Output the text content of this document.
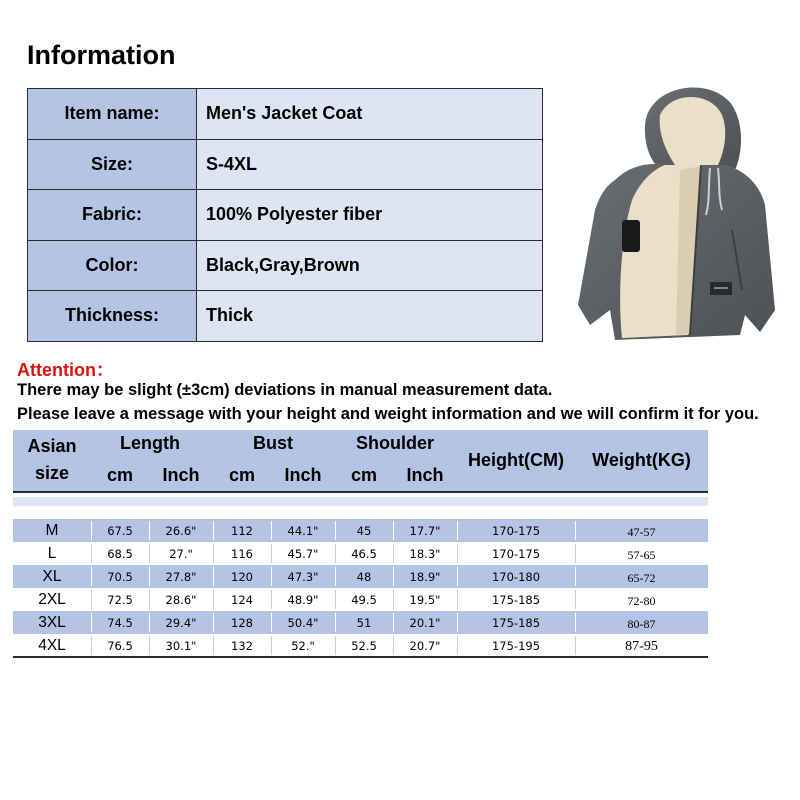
Information
Item name:	Men's Jacket Coat
Size:	S-4XL
Fabric:	100% Polyester fiber
Color:	Black,Gray,Brown
Thickness:	Thick
Attention：
There may be slight (±3cm) deviations in manual measurement data.
Please leave a message with your height and weight information and we will confirm it for you.
Asian
size
Length
cm	Inch
Bust
cm	Inch
Shoulder
cm	Inch
Height(CM)	Weight(KG)
M	67.5	26.6"	112	44.1"	45	17.7"	170-175	47-57
L	68.5	27."	116	45.7"	46.5	18.3"	170-175	57-65
XL	70.5	27.8"	120	47.3"	48	18.9"	170-180	65-72
2XL	72.5	28.6"	124	48.9"	49.5	19.5"	175-185	72-80
3XL	74.5	29.4"	128	50.4"	51	20.1"	175-185	80-87
4XL	76.5	30.1"	132	52."	52.5	20.7"	175-195	87-95
